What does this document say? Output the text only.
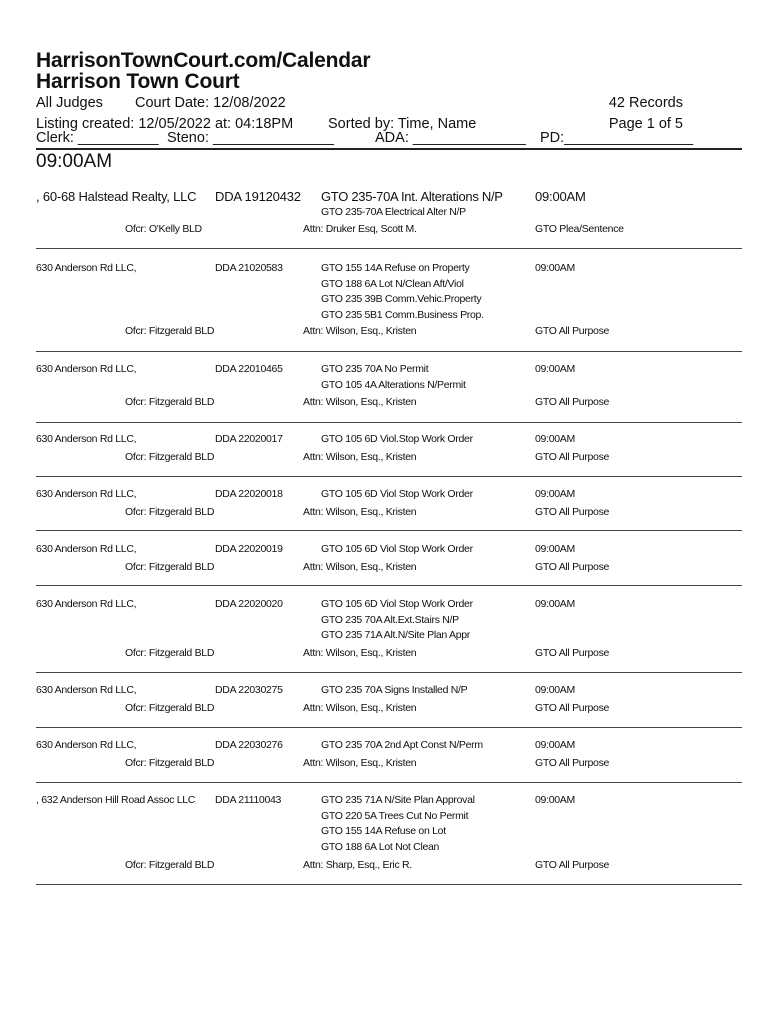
HarrisonTownCourt.com/Calendar
Harrison Town Court
All Judges Court Date: 12/08/2022	42 Records
Listing created: 12/05/2022 at: 04:18PM Sorted by: Time, Name	Page 1 of 5
Clerk: __________ Steno: _______________	ADA: ______________ PD:________________
09:00AM
, 60-68 Halstead Realty, LLC DDA 19120432	09:00AM
GTO 235-70A Int. Alterations N/P
GTO 235-70A Electrical Alter N/P
Ofcr: O'Kelly BLD	Attn: Druker Esq, Scott M.	GTO Plea/Sentence
630 Anderson Rd LLC,	DDA 21020583	09:00AM
GTO 155 14A Refuse on Property
GTO 188 6A Lot N/Clean Aft/Viol
GTO 235 39B Comm.Vehic.Property
GTO 235 5B1 Comm.Business Prop.
Ofcr: Fitzgerald BLD	Attn: Wilson, Esq., Kristen	GTO All Purpose
630 Anderson Rd LLC,	DDA 22010465	09:00AM
GTO 235 70A No Permit
GTO 105 4A Alterations N/Permit
Ofcr: Fitzgerald BLD	Attn: Wilson, Esq., Kristen	GTO All Purpose
630 Anderson Rd LLC,	DDA 22020017	09:00AM
GTO 105 6D Viol.Stop Work Order
Ofcr: Fitzgerald BLD	Attn: Wilson, Esq., Kristen	GTO All Purpose
630 Anderson Rd LLC,	DDA 22020018	09:00AM
GTO 105 6D Viol Stop Work Order
Ofcr: Fitzgerald BLD	Attn: Wilson, Esq., Kristen	GTO All Purpose
630 Anderson Rd LLC,	DDA 22020019	09:00AM
GTO 105 6D Viol Stop Work Order
Ofcr: Fitzgerald BLD	Attn: Wilson, Esq., Kristen	GTO All Purpose
630 Anderson Rd LLC,	DDA 22020020	09:00AM
GTO 105 6D Viol Stop Work Order
GTO 235 70A Alt.Ext.Stairs N/P
GTO 235 71A Alt.N/Site Plan Appr
Ofcr: Fitzgerald BLD	Attn: Wilson, Esq., Kristen	GTO All Purpose
630 Anderson Rd LLC,	DDA 22030275	09:00AM
GTO 235 70A Signs Installed N/P
Ofcr: Fitzgerald BLD	Attn: Wilson, Esq., Kristen	GTO All Purpose
630 Anderson Rd LLC,	DDA 22030276	09:00AM
GTO 235 70A 2nd Apt Const N/Perm
Ofcr: Fitzgerald BLD	Attn: Wilson, Esq., Kristen	GTO All Purpose
, 632 Anderson Hill Road Assoc LLC DDA 21110043	09:00AM
GTO 235 71A N/Site Plan Approval
GTO 220 5A Trees Cut No Permit
GTO 155 14A Refuse on Lot
GTO 188 6A Lot Not Clean
Ofcr: Fitzgerald BLD	Attn: Sharp, Esq., Eric R.	GTO All Purpose
